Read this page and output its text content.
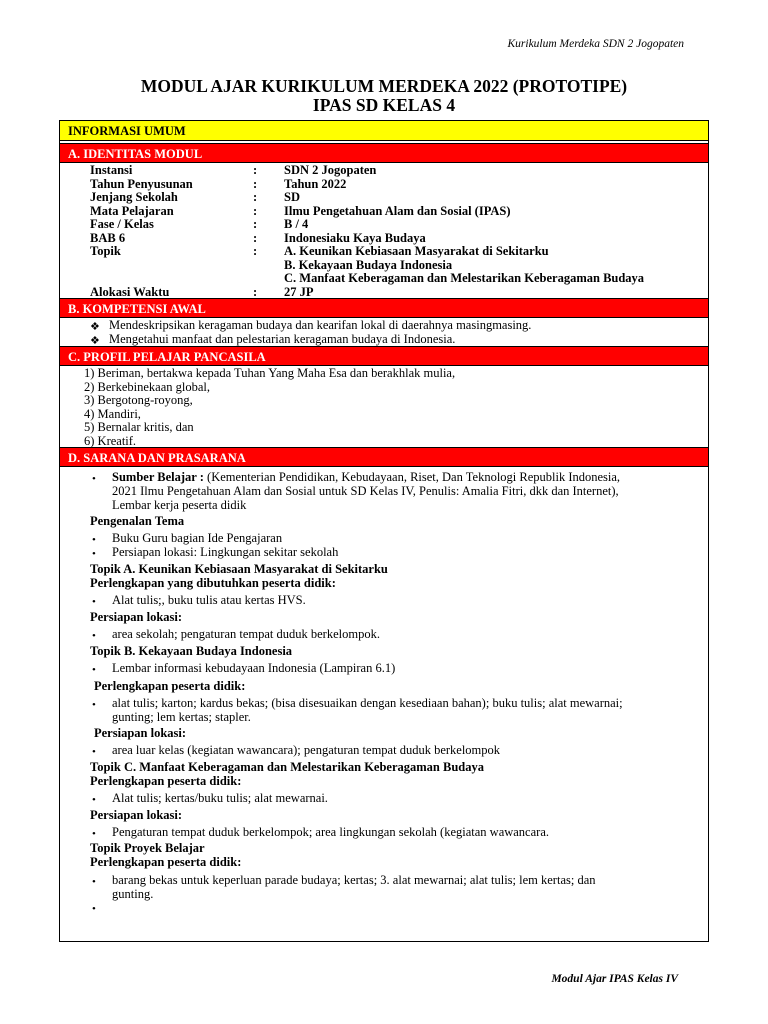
Kurikulum Merdeka SDN 2 Jogopaten
MODUL AJAR KURIKULUM MERDEKA 2022 (PROTOTIPE)
IPAS SD KELAS 4
INFORMASI UMUM
A. IDENTITAS MODUL
Instansi	: SDN 2 Jogopaten
Tahun Penyusunan	: Tahun 2022
Jenjang Sekolah	: SD
Mata Pelajaran	: Ilmu Pengetahuan Alam dan Sosial (IPAS)
Fase / Kelas	: B / 4
BAB 6	: Indonesiaku Kaya Budaya
Topik	: A. Keunikan Kebiasaan Masyarakat di Sekitarku
B. Kekayaan Budaya Indonesia
C. Manfaat Keberagaman dan Melestarikan Keberagaman Budaya
Alokasi Waktu	: 27 JP
B. KOMPETENSI AWAL
❖ Mendeskripsikan keragaman budaya dan kearifan lokal di daerahnya masingmasing.
❖ Mengetahui manfaat dan pelestarian keragaman budaya di Indonesia.
C. PROFIL PELAJAR PANCASILA
1) Beriman, bertakwa kepada Tuhan Yang Maha Esa dan berakhlak mulia,
2) Berkebinekaan global,
3) Bergotong-royong,
4) Mandiri,
5) Bernalar kritis, dan
6) Kreatif.
D. SARANA DAN PRASARANA
• Sumber Belajar : (Kementerian Pendidikan, Kebudayaan, Riset, Dan Teknologi Republik Indonesia,
2021 Ilmu Pengetahuan Alam dan Sosial untuk SD Kelas IV, Penulis: Amalia Fitri, dkk dan Internet),
Lembar kerja peserta didik
Pengenalan Tema
• Buku Guru bagian Ide Pengajaran
• Persiapan lokasi: Lingkungan sekitar sekolah
Topik A. Keunikan Kebiasaan Masyarakat di Sekitarku
Perlengkapan yang dibutuhkan peserta didik:
• Alat tulis;, buku tulis atau kertas HVS.
Persiapan lokasi:
• area sekolah; pengaturan tempat duduk berkelompok.
Topik B. Kekayaan Budaya Indonesia
• Lembar informasi kebudayaan Indonesia (Lampiran 6.1)
Perlengkapan peserta didik:
• alat tulis; karton; kardus bekas; (bisa disesuaikan dengan kesediaan bahan); buku tulis; alat mewarnai;
gunting; lem kertas; stapler.
Persiapan lokasi:
• area luar kelas (kegiatan wawancara); pengaturan tempat duduk berkelompok
Topik C. Manfaat Keberagaman dan Melestarikan Keberagaman Budaya
Perlengkapan peserta didik:
• Alat tulis; kertas/buku tulis; alat mewarnai.
Persiapan lokasi:
• Pengaturan tempat duduk berkelompok; area lingkungan sekolah (kegiatan wawancara.
Topik Proyek Belajar
Perlengkapan peserta didik:
• barang bekas untuk keperluan parade budaya; kertas; 3. alat mewarnai; alat tulis; lem kertas; dan
gunting.
•
Modul Ajar IPAS Kelas IV
